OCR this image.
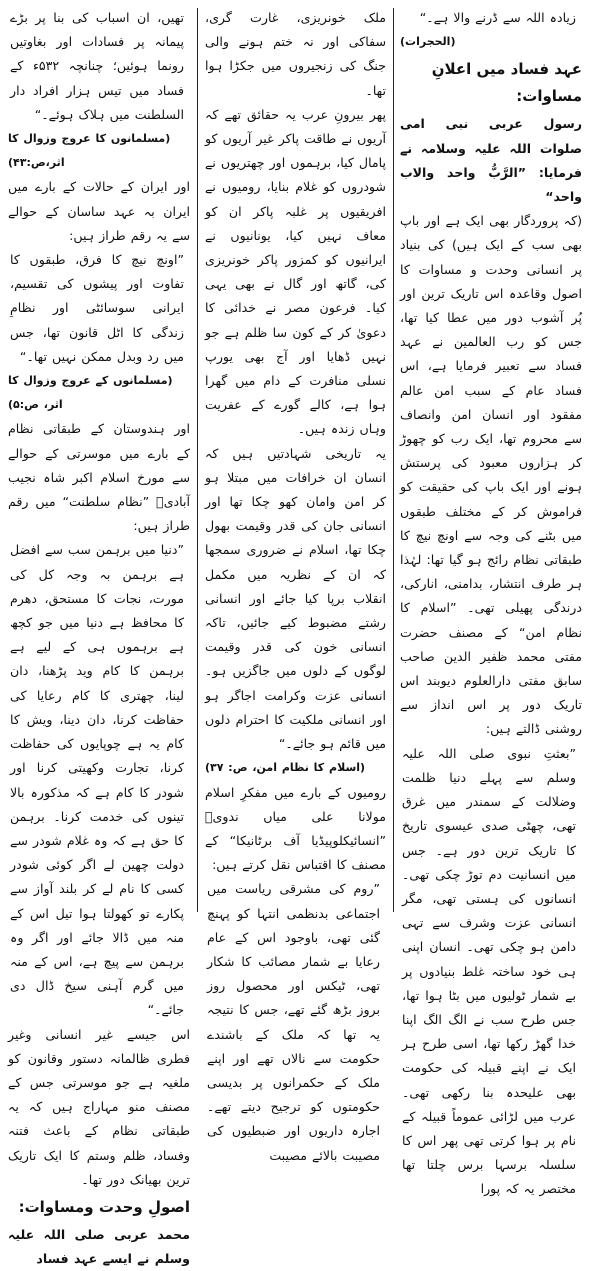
زیادہ اللہ سے ڈرنے والا ہے۔“

(الحجرات)

عہد فساد میں اعلانِ مساوات:

رسول عربی نبی امی صلوات اللہ علیہ وسلامہ نے فرمایا: ”الرَّبُّ واحد والاب واحد“

(کہ پروردگار بھی ایک ہے اور باپ بھی سب کے ایک ہیں) کی بنیاد پر انسانی وحدت و مساوات کا اصول وقاعدہ اس تاریک ترین اور پُر آشوب دور میں عطا کیا تھا، جس کو رب العالمین نے عہد فساد سے تعبیر فرمایا ہے، اس فساد عام کے سبب امن عالم مفقود اور انسان امن وانصاف سے محروم تھا، ایک رب کو چھوڑ کر ہزاروں معبود کی پرستش ہونے اور ایک باپ کی حقیقت کو فراموش کر کے مختلف طبقوں میں بٹنے کی وجہ سے اونچ نیچ کا طبقاتی نظام رائج ہو گیا تھا: لہٰذا ہر طرف انتشار، بدامنی، انارکی، درندگی پھیلی تھی۔ ”اسلام کا نظام امن“ کے مصنف حضرت مفتی محمد ظفیر الدین صاحب سابق مفتی دارالعلوم دیوبند اس تاریک دور پر اس انداز سے روشنی ڈالتے ہیں:

”بعثتِ نبوی صلی اللہ علیہ وسلم سے پہلے دنیا ظلمت وضلالت کے سمندر میں غرق تھی، چھٹی صدی عیسوی تاریخ کا تاریک ترین دور ہے۔ جس میں انسانیت دم توڑ چکی تھی۔ انسانوں کی ہستی تھی، مگر انسانی عزت وشرف سے تہی دامن ہو چکی تھی۔ انسان اپنی ہی خود ساختہ غلط بنیادوں پر بے شمار ٹولیوں میں بٹا ہوا تھا، جس طرح سب نے الگ الگ اپنا خدا گھڑ رکھا تھا، اسی طرح ہر ایک نے اپنے قبیلہ کی حکومت بھی علیحدہ بنا رکھی تھی۔ عرب میں لڑائی عموماً قبیلہ کے نام پر ہوا کرتی تھی پھر اس کا سلسلہ برسہا برس چلتا تھا مختصر یہ کہ پورا

ملک خونریزی، غارت گری، سفاکی اور نہ ختم ہونے والی جنگ کی زنجیروں میں جکڑا ہوا تھا۔

پھر بیرونِ عرب یہ حقائق تھے کہ آریوں نے طاقت پاکر غیر آریوں کو پامال کیا، برہموں اور چھتریوں نے شودروں کو غلام بنایا، رومیوں نے افریقیوں پر غلبہ پاکر ان کو معاف نہیں کیا، یونانیوں نے ایرانیوں کو کمزور پاکر خونریزی کی، گاتھ اور گال نے بھی یہی کیا۔ فرعون مصر نے خدائی کا دعویٰ کر کے کون سا ظلم ہے جو نہیں ڈھایا اور آج بھی یورپ نسلی منافرت کے دام میں گھرا ہوا ہے، کالے گورے کے عفریت وہاں زندہ ہیں۔

یہ تاریخی شہادتیں ہیں کہ انسان ان خرافات میں مبتلا ہو کر امن وامان کھو چکا تھا اور انسانی جان کی قدر وقیمت بھول چکا تھا، اسلام نے ضروری سمجھا کہ ان کے نظریہ میں مکمل انقلاب برپا کیا جائے اور انسانی رشتے مضبوط کیے جائیں، تاکہ انسانی خون کی قدر وقیمت لوگوں کے دلوں میں جاگزیں ہو۔ انسانی عزت وکرامت اجاگر ہو اور انسانی ملکیت کا احترام دلوں میں قائم ہو جائے۔“

(اسلام کا نظام امن، ص: ۳۷)

رومیوں کے بارے میں مفکرِ اسلام مولانا علی میاں ندویؒ ”انسائیکلوپیڈیا آف برٹانیکا“ کے مصنف کا اقتباس نقل کرتے ہیں:

”روم کی مشرقی ریاست میں اجتماعی بدنظمی انتہا کو پہنچ گئی تھی، باوجود اس کے عام رعایا بے شمار مصائب کا شکار تھی، ٹیکس اور محصول روز بروز بڑھ گئے تھے، جس کا نتیجہ یہ تھا کہ ملک کے باشندے حکومت سے نالاں تھے اور اپنے ملک کے حکمرانوں پر بدیسی حکومتوں کو ترجیح دیتے تھے۔ اجارہ داریوں اور ضبطیوں کی مصیبت بالائے مصیبت

تھیں، ان اسباب کی بنا پر بڑے پیمانہ پر فسادات اور بغاوتیں رونما ہوئیں؛ چنانچہ ۵۳۲ء کے فساد میں تیس ہزار افراد دار السلطنت میں ہلاک ہوئے۔“

(مسلمانوں کا عروج وزوال کا اثر،ص:۴۳)

اور ایران کے حالات کے بارے میں ایران بہ عہد ساسان کے حوالے سے یہ رقم طراز ہیں:

”اونچ نیچ کا فرق، طبقوں کا تفاوت اور پیشوں کی تقسیم، ایرانی سوسائٹی اور نظامِ زندگی کا اٹل قانون تھا، جس میں رد وبدل ممکن نہیں تھا۔“

(مسلمانوں کے عروج وزوال کا اثر، ص:۵)

اور ہندوستان کے طبقاتی نظام کے بارے میں موسرتی کے حوالے سے مورخ اسلام اکبر شاہ نجیب آبادیؒ ”نظام سلطنت“ میں رقم طراز ہیں:

”دنیا میں برہمن سب سے افضل ہے برہمن بہ وجہ کل کی مورت، نجات کا مستحق، دھرم کا محافظ ہے دنیا میں جو کچھ ہے برہموں ہی کے لیے ہے برہمن کا کام وید پڑھنا، دان لینا، چھتری کا کام رعایا کی حفاظت کرنا، دان دینا، ویش کا کام یہ ہے چوپایوں کی حفاظت کرنا، تجارت وکھیتی کرنا اور شودر کا کام ہے کہ مذکورہ بالا تینوں کی خدمت کرنا۔ برہمن کا حق ہے کہ وہ غلام شودر سے دولت چھین لے اگر کوئی شودر کسی کا نام لے کر بلند آواز سے پکارے تو کھولتا ہوا تیل اس کے منہ میں ڈالا جائے اور اگر وہ برہمن سے پیچ ہے، اس کے منہ میں گرم آہنی سیخ ڈال دی جائے۔“

اس جیسے غیر انسانی وغیر فطری ظالمانہ دستور وقانون کو ملغیہ ہے جو موسرتی جس کے مصنف منو مہاراج ہیں کہ یہ طبقاتی نظام کے باعث فتنہ وفساد، ظلم وستم کا ایک تاریک ترین بھیانک دور تھا۔

اصولِ وحدت ومساوات:

محمد عربی صلی اللہ علیہ وسلم نے ایسے عہد فساد
